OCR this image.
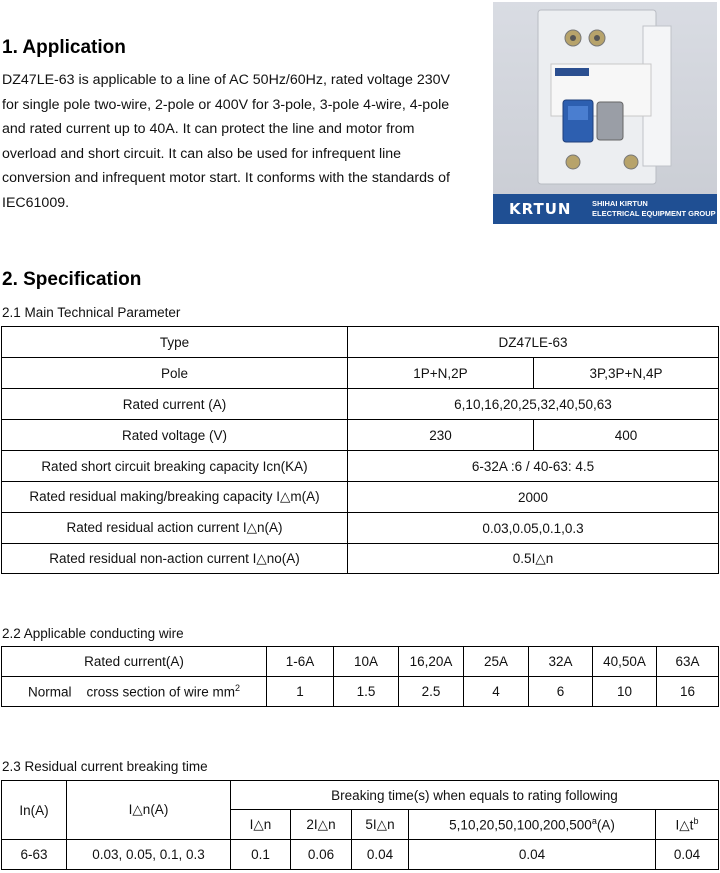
1. Application
DZ47LE-63 is applicable to a line of AC 50Hz/60Hz, rated voltage 230V
for single pole two-wire, 2-pole or 400V for 3-pole, 3-pole 4-wire, 4-pole
and rated current up to 40A. It can protect the line and motor from
overload and short circuit. It can also be used for infrequent line
conversion and infrequent motor start. It conforms with the standards of
IEC61009.	KRTUN	SHIHAI KIRTUN
ELECTRICAL EQUIPMENT GROUP
2. Specification
2.1 Main Technical Parameter
Type	DZ47LE-63	
Pole	1P+N,2P	3P,3P+N,4P
Rated current (A)	6,10,16,20,25,32,40,50,63	
Rated voltage (V)	230	400
Rated short circuit breaking capacity Icn(KA)	6-32A :6 / 40-63: 4.5	
Rated residual making/breaking capacity I△m(A)	2000	
Rated residual action current I△n(A)	0.03,0.05,0.1,0.3	
Rated residual non-action current I△no(A)	0.5I△n	
2.2 Applicable conducting wire
Rated current(A)	1-6A	10A	16,20A	25A	32A	40,50A	63A
Normal cross section of wire $mm^2$	1	1.5	2.5	4	6	10	16
2.3 Residual current breaking time
In(A)	I△n(A)	Breaking time(s) when equals to rating following				
		I△n	2I△n	5I△n	5,10,20,50,100,200,500$^a$(A)	$I\triangle t^b$
6-63	0.03, 0.05, 0.1, 0.3	0.1	0.06	0.04	0.04	0.04
